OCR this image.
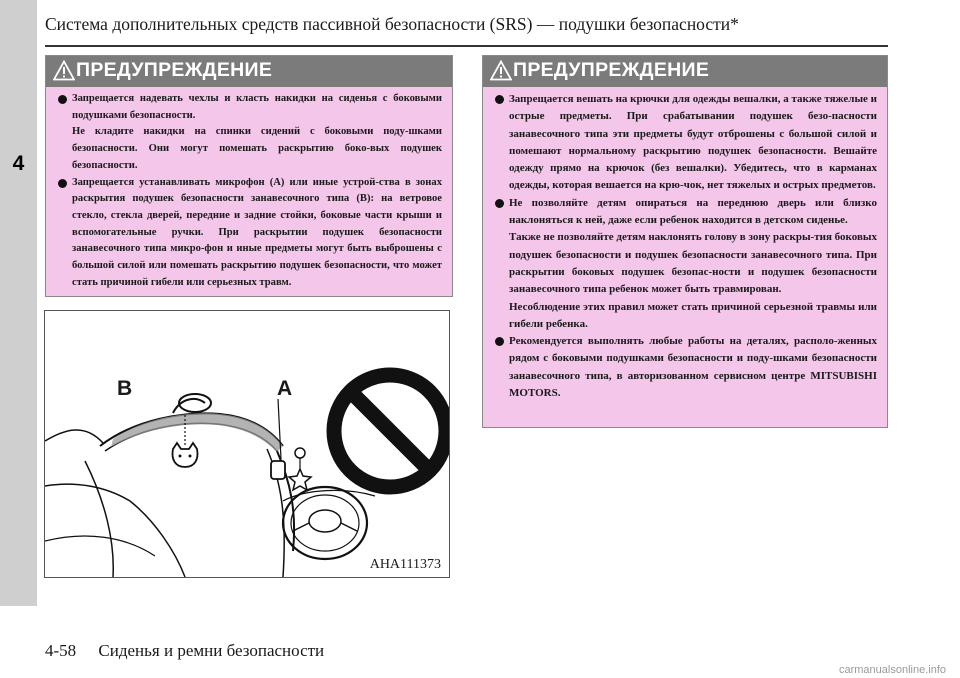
4
Система дополнительных средств пассивной безопасности (SRS) — подушки безопасности*
ПРЕДУПРЕЖДЕНИЕ
Запрещается надевать чехлы и класть накидки на сиденья с боковыми подушками безопасности.
Не кладите накидки на спинки сидений с боковыми поду-шками безопасности. Они могут помешать раскрытию боко-вых подушек безопасности.
Запрещается устанавливать микрофон (A) или иные устрой-ства в зонах раскрытия подушек безопасности занавесочного типа (B): на ветровое стекло, стекла дверей, передние и задние стойки, боковые части крыши и вспомогательные ручки. При раскрытии подушек безопасности занавесочного типа микро-фон и иные предметы могут быть выброшены с большой силой или помешать раскрытию подушек безопасности, что может стать причиной гибели или серьезных травм.
ПРЕДУПРЕЖДЕНИЕ
Запрещается вешать на крючки для одежды вешалки, а также тяжелые и острые предметы. При срабатывании подушек безо-пасности занавесочного типа эти предметы будут отброшены с большой силой и помешают нормальному раскрытию подушек безопасности. Вешайте одежду прямо на крючок (без вешалки). Убедитесь, что в карманах одежды, которая вешается на крю-чок, нет тяжелых и острых предметов.
Не позволяйте детям опираться на переднюю дверь или близко наклоняться к ней, даже если ребенок находится в детском сиденье.
Также не позволяйте детям наклонять голову в зону раскры-тия боковых подушек безопасности и подушек безопасности занавесочного типа. При раскрытии боковых подушек безопас-ности и подушек безопасности занавесочного типа ребенок может быть травмирован.
Несоблюдение этих правил может стать причиной серьезной травмы или гибели ребенка.
Рекомендуется выполнять любые работы на деталях, располо-женных рядом с боковыми подушками безопасности и поду-шками безопасности занавесочного типа, в авторизованном сервисном центре MITSUBISHI MOTORS.
B	A
AHA111373
4-58 Сиденья и ремни безопасности
carmanualsonline.info
